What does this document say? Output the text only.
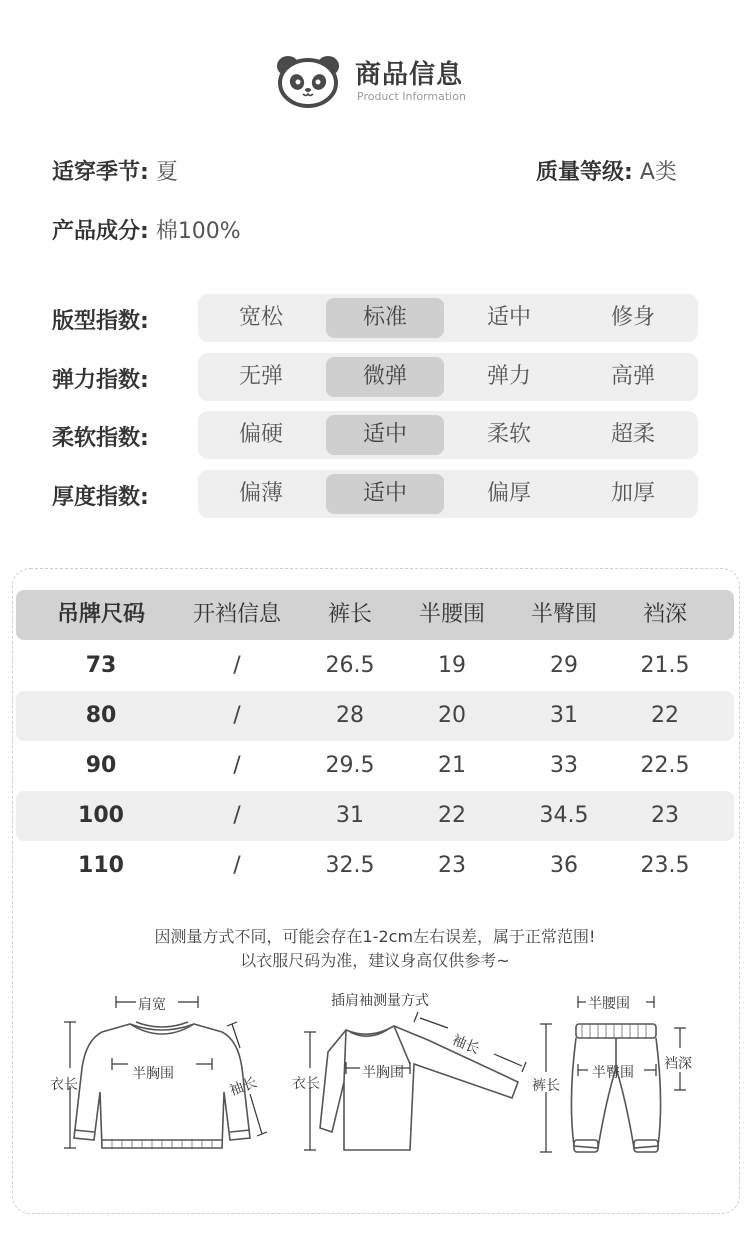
商品信息
Product Information
适穿季节: 夏	质量等级: A类
产品成分: 棉100%
版型指数:	宽松	标准	适中	修身
弹力指数:	无弹	微弹	弹力	高弹
柔软指数:	偏硬	适中	柔软	超柔
厚度指数:	偏薄	适中	偏厚	加厚
吊牌尺码	开裆信息	裤长	半腰围	半臀围	裆深
73	/	26.5	19	29	21.5
80	/	28	20	31	22
90	/	29.5	21	33	22.5
100	/	31	22	34.5	23
110	/	32.5	23	36	23.5
因测量方式不同，可能会存在1-2cm左右误差，属于正常范围!
以衣服尺码为准，建议身高仅供参考~
肩宽
衣长
半胸围
袖长
插肩袖测量方式
衣长
半胸围
袖长
半腰围
裤长
半臀围
裆深
